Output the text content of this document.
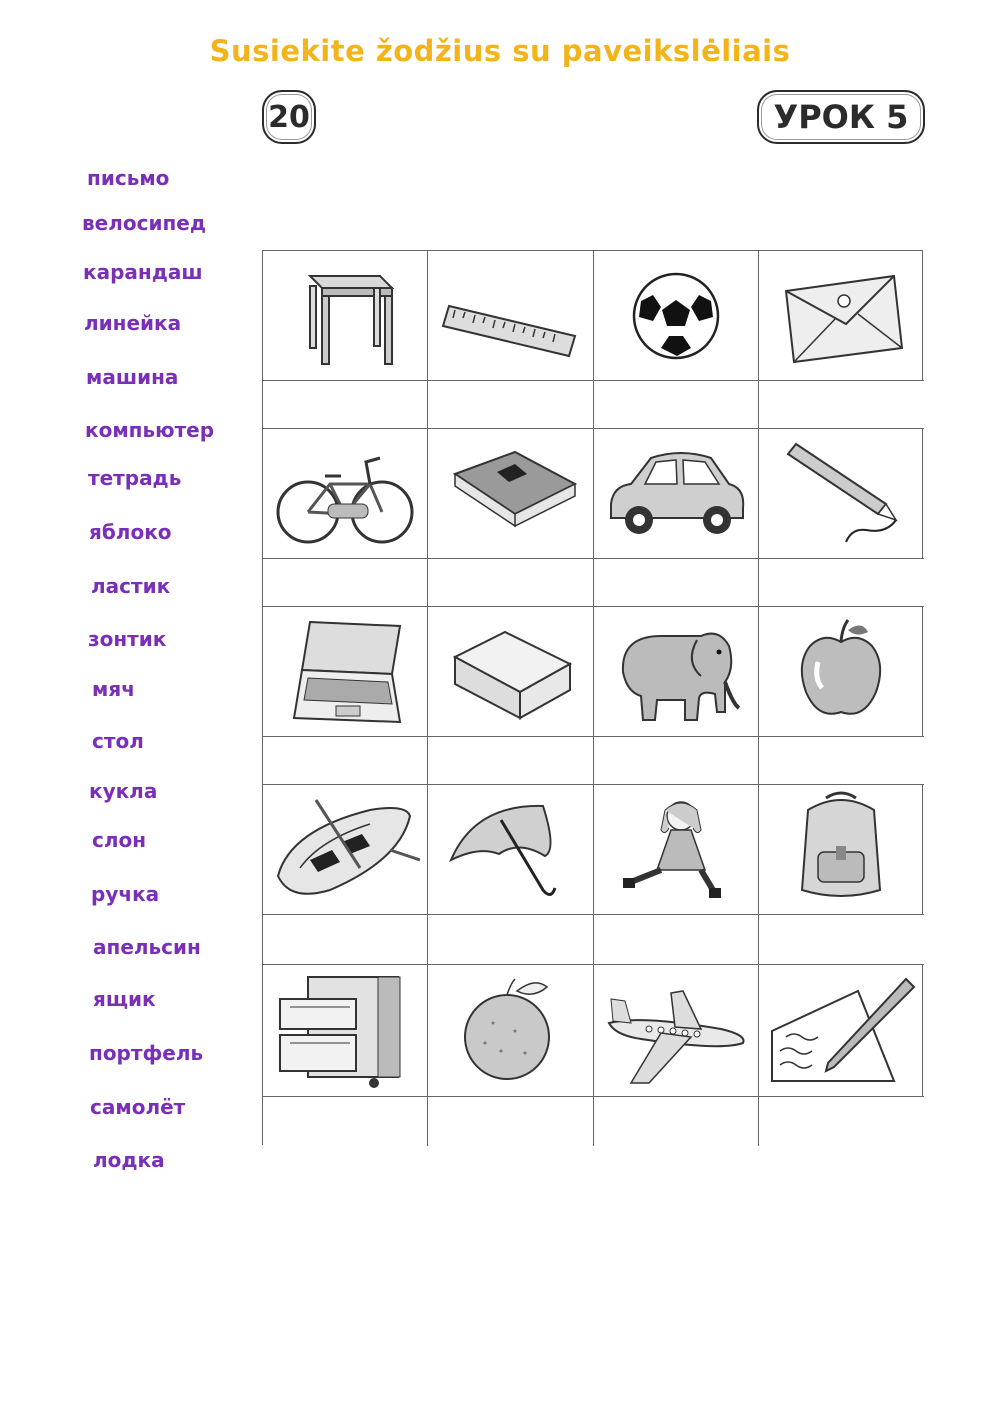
Susiekite žodžius su paveikslėliais
20	УРОК 5
письмо
велосипед
карандаш
линейка
машина
компьютер
тетрадь
яблоко
ластик
зонтик
мяч
стол
кукла
слон
ручка
апельсин
ящик
портфель
самолёт
лодка
